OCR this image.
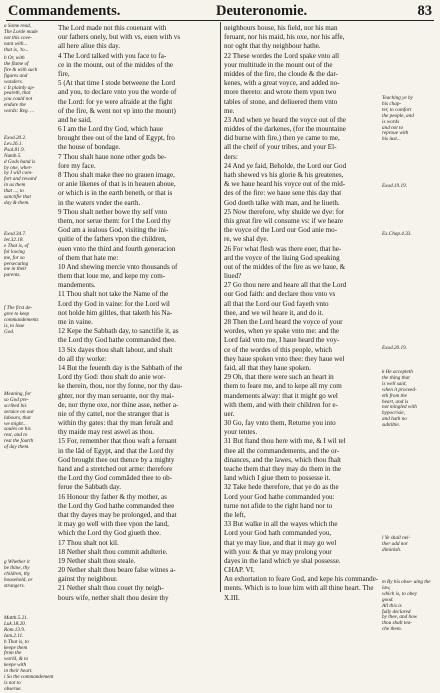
Commandements.	Deuteronomie.	83
a Some read,
The Lorde made
not this cove-
nant with...
that is, 'to...
b Or, with
the flame of
fire & with such
figures and
wonders.
c It plainly ap-
peareth, that
you could not
endure the
words: Reg. ...
Exod.20.2.
Lev.26.1.
Psal.81.9.
Numb.5.
d Gods hand is
by one, wher-
by I will com-
fort and reward
in us them
that ..., to
sanctifie that
day & them.
Exod.34.7.
Ier.32.18.
e That is, of
fol lowing
me, for so
persecuting
me in thelr
parents.
f The first de-
gree to keep
commandements
is, to loue
God.
Meaning, for
so God pre-
scribed his
seruice on our
labours, that
we might...
soules on his
rest, and to
rest the fourth
of day them.
g Whether it
be thine, thy
children, thy
household, or
strangers.
Matth.5.21.
Luk.18.20.
Rom.13.9.
Iam.2.11.
h That is, to
keepe them
from the
world, & to
keepe with
in their heart.
i So the commandement
is not to
obserue.
The Lord made not this couenant with
our fathers onely, but with vs, euen with vs
all here aliue this day.
4 The Lord talked with you face to fa-
ce in the mount, out of the middes of the
fire,
5 (At that time I stode betweene the Lord
and you, to declare vnto you the worde of
the Lord: for ye were afraide at the fight
of the fire, & went not vp into the mount)
and he said,
6 I am the Lord thy God, which haue
brought thee out of the land of Egypt, fro
the house of bondage.
7 Thou shalt haue none other gods be-
fore my face.
8 Thou shalt make thee no grauen image,
or anie likenes of that is in heauen aboue,
or which is in the earth beneth, or that is
in the waters vnder the earth.
9 Thou shalt nether bowe thy self vnto
them, nor serue them: for I the Lord thy
God am a iealous God, visiting the ini-
quitie of the fathers vpon the children,
euen vnto the third and fourth generacion
of them that hate me:
10 And shewing mercie vnto thousands of
them that loue me, and kepe my com-
mandements.
11 Thou shalt not take the Name of the
Lord thy God in vaine: for the Lord wil
not holde him giltles, that taketh his Na-
me in vaine.
12 Kepe the Sabbath day, to sanctifie it, as
the Lord thy God hathe commanded thee.
13 Six dayes thou shalt labour, and shalt
do all thy worke:
14 But the feuenth day is the Sabbath of the
Lord thy God: thou shalt do anie wor-
ke therein, thou, nor thy fonne, nor thy dau-
ghter, nor thy man seruante, nor thy mai-
de, nor thyne oxe, nor thine asse, nether a-
nie of thy cattel, nor the stranger that is
within thy gates: that thy man feruãt and
thy maide may rest aswel as thou.
15 For, remember that thou waft a feruant
in the lād of Egypt, and that the Lord thy
God brought thee out thence by a mighty
hand and a stretched out arme: therefore
the Lord thy God commāded thee to ob-
ferue the Sabbath day.
16 Honour thy father & thy mother, as
the Lord thy God hathe commanded thee
that thy dayes may be prolonged, and that
it may go well with thee vpon the land,
which the Lord thy God giueth thee.
17 Thou shalt not kil.
18 Nether shalt thou commit adulterie.
19 Nether shalt thou steale.
20 Nether shalt thou beare false witnes a-
gainst thy neighbour.
21 Nether shalt thou couet thy neigh-
bours wife, nether shalt thou desire thy
neighbours house, his field, nor his man
feruant, nor his maid, his oxe, nor his affe,
nor oght that thy neighbour hathe.
22 These wordes the Lord spake vnto all
your multitude in the mount out of the
middes of the fire, the cloude & the dar-
kenes, with a great voyce, and added no-
more thereto: and wrote them vpon two
tables of stone, and deliuered them vnto
me.
23 And when ye heard the voyce out of the
middes of the darkenes, (for the mountaine
did burne with fire,) then ye came to me,
all the cheif of your tribes, and your El-
ders:
24 And ye faid, Beholde, the Lord our God
hath shewed vs his glorie & his greatenes,
& we haue heard his voyce out of the mid-
des of the fire: we haue sene this day that
God doeth talke with man, and he liueth.
25 Now therefore, why shulde we dye: for
this great fire wil consume vs: if we heare
the voyce of the Lord our God anie mo-
re, we shal dye.
26 For what flesh was there euer, that he-
ard the voyce of the liuing God speaking
out of the middes of the fire as we haue, &
liued?
27 Go thou nere and heare all that the Lord
our God faith: and declare thou vnto vs
all that the Lord our God fayeth vnto
thee, and we wil heare it, and do it.
28 Then the Lord heard the voyce of your
wordes, when ye spake vnto me: and the
Lord faid vnto me, I haue heard the voy-
ce of the wordes of this people, which
they haue spoken vnto thee: they haue wel
faid, all that they haue spoken.
29 Oh, that there were such an heart in
them to feare me, and to kepe all my com
mandements alway: that it might go wel
with them, and with their children for e-
uer.
30 Go, fay vnto them, Returne you into
your tentes.
31 But ftand thou here with me, & I wil tel
thee all the commandements, and the or-
dinances, and the lawes, which thou fhalt
teache them that they may do them in the
land which I giue them to possesse it.
32 Take hede therefore, that ye do as the
Lord your God hathe commanded you:
turne not afide to the right hand nor to
the left,
33 But walke in all the wayes which the
Lord your God hath commanded you,
that ye may liue, and that it may go wel
with you: & that ye may prolong your
dayes in the land which ye shal possesse.
CHAP. VI.
An exhortation to feare God, and kepe his commande-
ments. Which is to loue him with all thine heart. The
X.III.
Teaching ye by
his chap-
ter, to comfort
the people, and
is words
and not to
reproue with
his iust...
Exod.19.19.
Ex.Chap.4.33.
Exod.20.19.
k He accepteth
the thing that
is well said,
when it proceed-
eth from the
heart, and is
not mingled with
hypocrisie,
and hath no
subtiltie.
l Ye shall nei-
ther add nor
diminish.
m By his obse- uing the law,
which is, to obey
good.
All this is
fully declared
by thee, and how
thou shalt tea-
che them.
